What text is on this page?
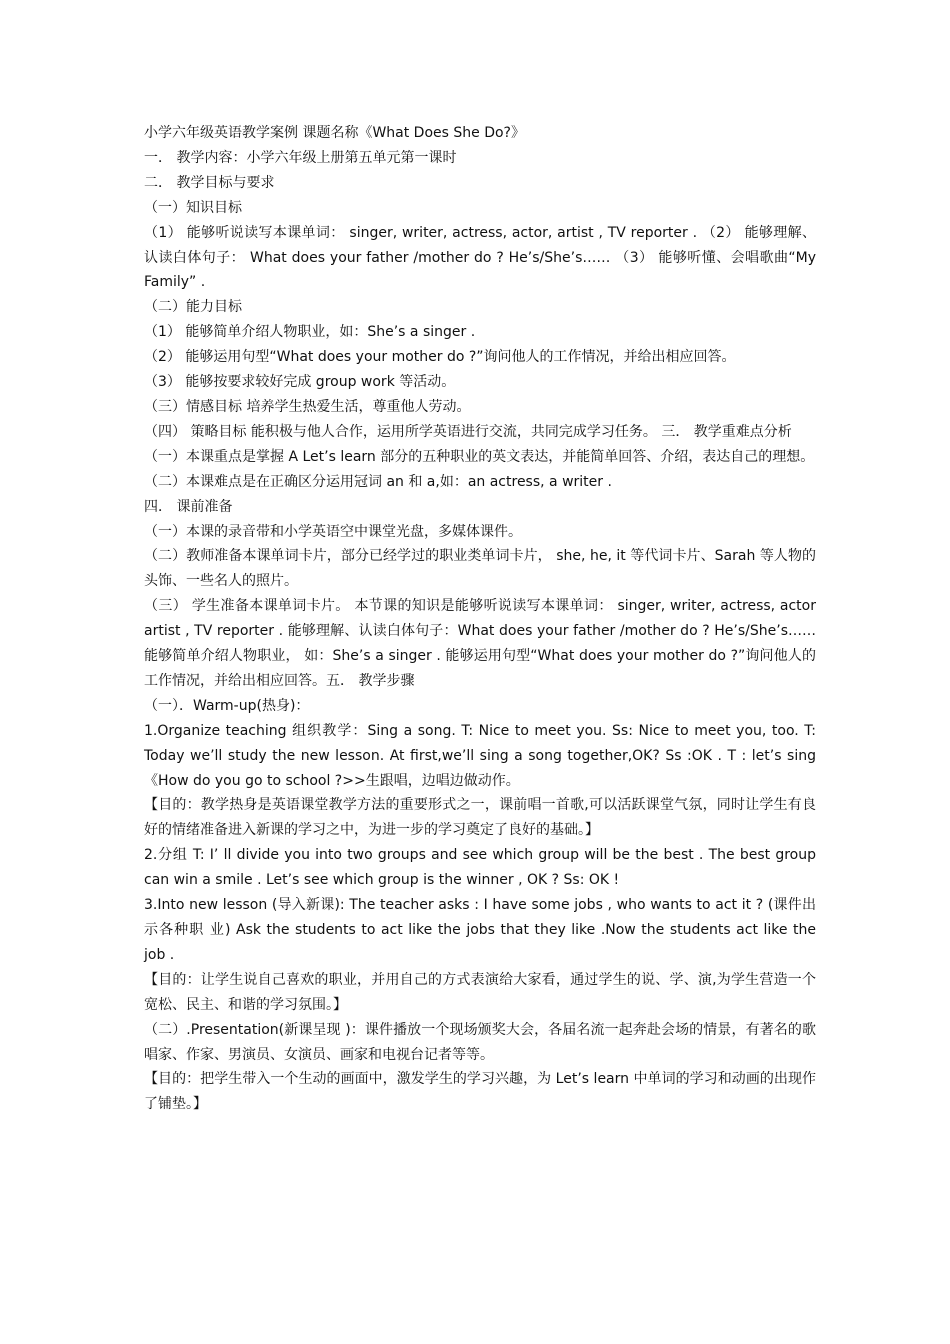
小学六年级英语教学案例 课题名称《What Does She Do?》

一． 教学内容：小学六年级上册第五单元第一课时

二． 教学目标与要求

（一）知识目标

（1） 能够听说读写本课单词： singer, writer, actress, actor, artist , TV reporter . （2） 能够理解、认读白体句子： What does your father /mother do ? He’s/She’s…… （3） 能够听懂、会唱歌曲“My Family” .

（二）能力目标

（1） 能够简单介绍人物职业，如：She’s a singer .

（2） 能够运用句型“What does your mother do ?”询问他人的工作情况，并给出相应回答。

（3） 能够按要求较好完成 group work 等活动。

（三）情感目标 培养学生热爱生活，尊重他人劳动。

（四） 策略目标 能积极与他人合作，运用所学英语进行交流，共同完成学习任务。 三． 教学重难点分析

（一）本课重点是掌握 A Let’s learn 部分的五种职业的英文表达，并能简单回答、介绍，表达自己的理想。

（二）本课难点是在正确区分运用冠词 an 和 a,如：an actress, a writer .

四． 课前准备

（一）本课的录音带和小学英语空中课堂光盘，多媒体课件。

（二）教师准备本课单词卡片，部分已经学过的职业类单词卡片， she, he, it 等代词卡片、Sarah 等人物的头饰、一些名人的照片。

（三） 学生准备本课单词卡片。 本节课的知识是能够听说读写本课单词： singer, writer, actress, actor artist , TV reporter . 能够理解、认读白体句子：What does your father /mother do ? He’s/She’s……能够简单介绍人物职业， 如：She’s a singer . 能够运用句型“What does your mother do ?”询问他人的工作情况，并给出相应回答。五． 教学步骤

（一）．Warm-up(热身)：

1.Organize teaching 组织教学：Sing a song. T: Nice to meet you. Ss: Nice to meet you, too. T: Today we’ll study the new lesson. At first,we’ll sing a song together,OK? Ss :OK . T : let’s sing《How do you go to school ?>>生跟唱，边唱边做动作。

【目的：教学热身是英语课堂教学方法的重要形式之一，课前唱一首歌,可以活跃课堂气氛，同时让学生有良好的情绪准备进入新课的学习之中，为进一步的学习奠定了良好的基础。】

2.分组 T: I’ ll divide you into two groups and see which group will be the best . The best group can win a smile . Let’s see which group is the winner , OK ? Ss: OK !

3.Into new lesson (导入新课): The teacher asks : I have some jobs , who wants to act it ? (课件出示各种职 业) Ask the students to act like the jobs that they like .Now the students act like the job .

【目的：让学生说自己喜欢的职业，并用自己的方式表演给大家看，通过学生的说、学、演,为学生营造一个宽松、民主、和谐的学习氛围。】

（二）.Presentation(新课呈现 )：课件播放一个现场颁奖大会，各届名流一起奔赴会场的情景，有著名的歌唱家、作家、男演员、女演员、画家和电视台记者等等。

【目的：把学生带入一个生动的画面中，激发学生的学习兴趣，为 Let’s learn 中单词的学习和动画的出现作了铺垫。】
